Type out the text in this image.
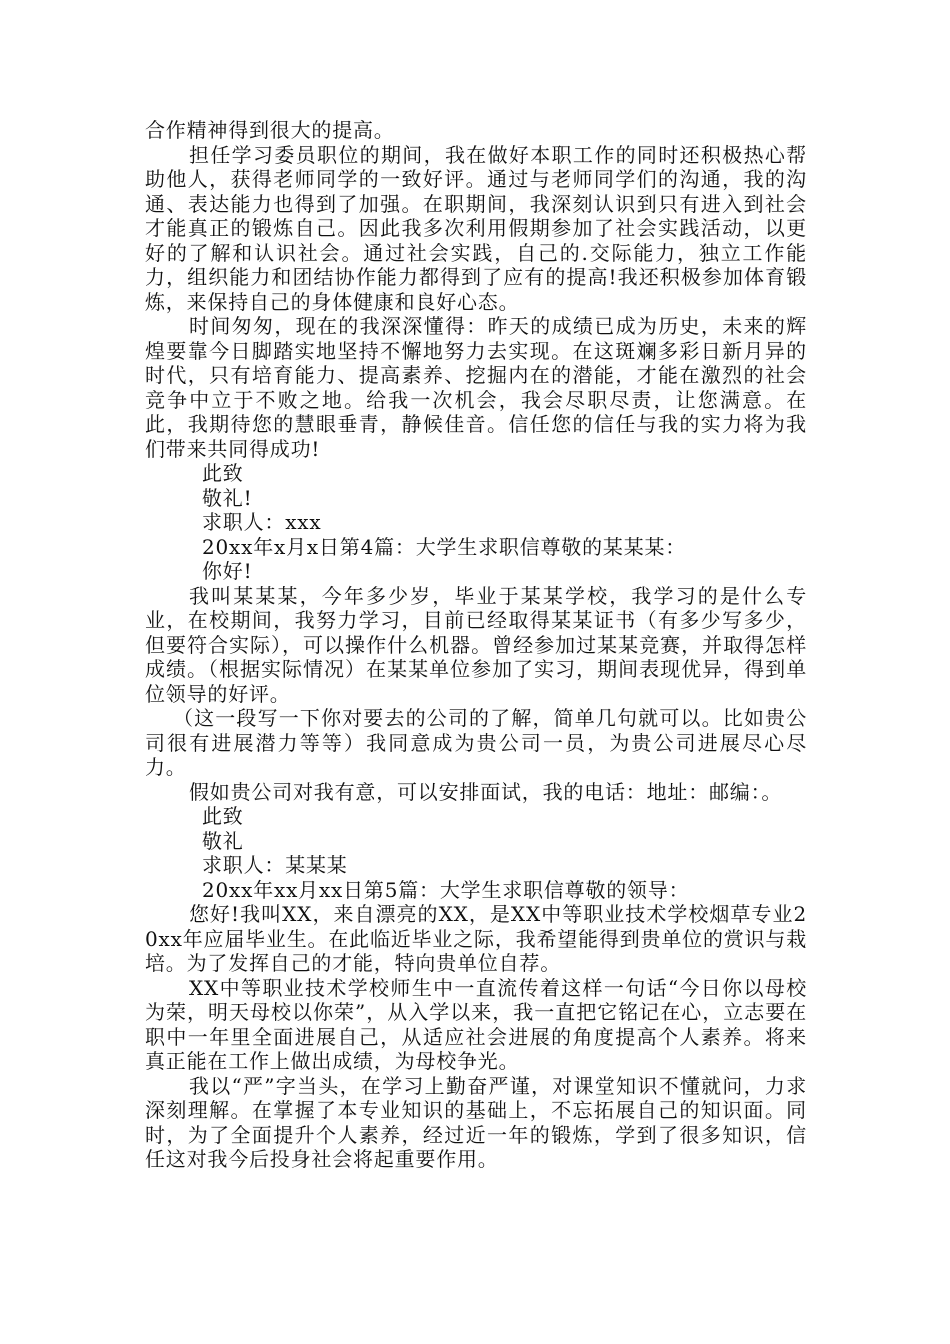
合作精神得到很大的提高。

担任学习委员职位的期间，我在做好本职工作的同时还积极热心帮助他人，获得老师同学的一致好评。通过与老师同学们的沟通，我的沟通、表达能力也得到了加强。在职期间，我深刻认识到只有进入到社会才能真正的锻炼自己。因此我多次利用假期参加了社会实践活动，以更好的了解和认识社会。通过社会实践，自己的.交际能力，独立工作能力，组织能力和团结协作能力都得到了应有的提高!我还积极参加体育锻炼，来保持自己的身体健康和良好心态。

时间匆匆，现在的我深深懂得：昨天的成绩已成为历史，未来的辉煌要靠今日脚踏实地坚持不懈地努力去实现。在这斑斓多彩日新月异的时代，只有培育能力、提高素养、挖掘内在的潜能，才能在激烈的社会竞争中立于不败之地。给我一次机会，我会尽职尽责，让您满意。在此，我期待您的慧眼垂青，静候佳音。信任您的信任与我的实力将为我们带来共同得成功!

此致

敬礼!

求职人：xxx

20xx年x月x日第4篇：大学生求职信尊敬的某某某：

你好!

我叫某某某，今年多少岁，毕业于某某学校，我学习的是什么专业，在校期间，我努力学习，目前已经取得某某证书（有多少写多少，但要符合实际），可以操作什么机器。曾经参加过某某竞赛，并取得怎样成绩。（根据实际情况）在某某单位参加了实习，期间表现优异，得到单位领导的好评。

（这一段写一下你对要去的公司的了解，简单几句就可以。比如贵公司很有进展潜力等等）我同意成为贵公司一员，为贵公司进展尽心尽力。

假如贵公司对我有意，可以安排面试，我的电话：地址：邮编：。

此致

敬礼

求职人：某某某

20xx年xx月xx日第5篇：大学生求职信尊敬的领导：

您好!我叫XX，来自漂亮的XX，是XX中等职业技术学校烟草专业20xx年应届毕业生。在此临近毕业之际，我希望能得到贵单位的赏识与栽培。为了发挥自己的才能，特向贵单位自荐。

XX中等职业技术学校师生中一直流传着这样一句话“今日你以母校为荣，明天母校以你荣”，从入学以来，我一直把它铭记在心，立志要在职中一年里全面进展自己，从适应社会进展的角度提高个人素养。将来真正能在工作上做出成绩，为母校争光。

我以“严”字当头，在学习上勤奋严谨，对课堂知识不懂就问，力求深刻理解。在掌握了本专业知识的基础上，不忘拓展自己的知识面。同时，为了全面提升个人素养，经过近一年的锻炼，学到了很多知识，信任这对我今后投身社会将起重要作用。
